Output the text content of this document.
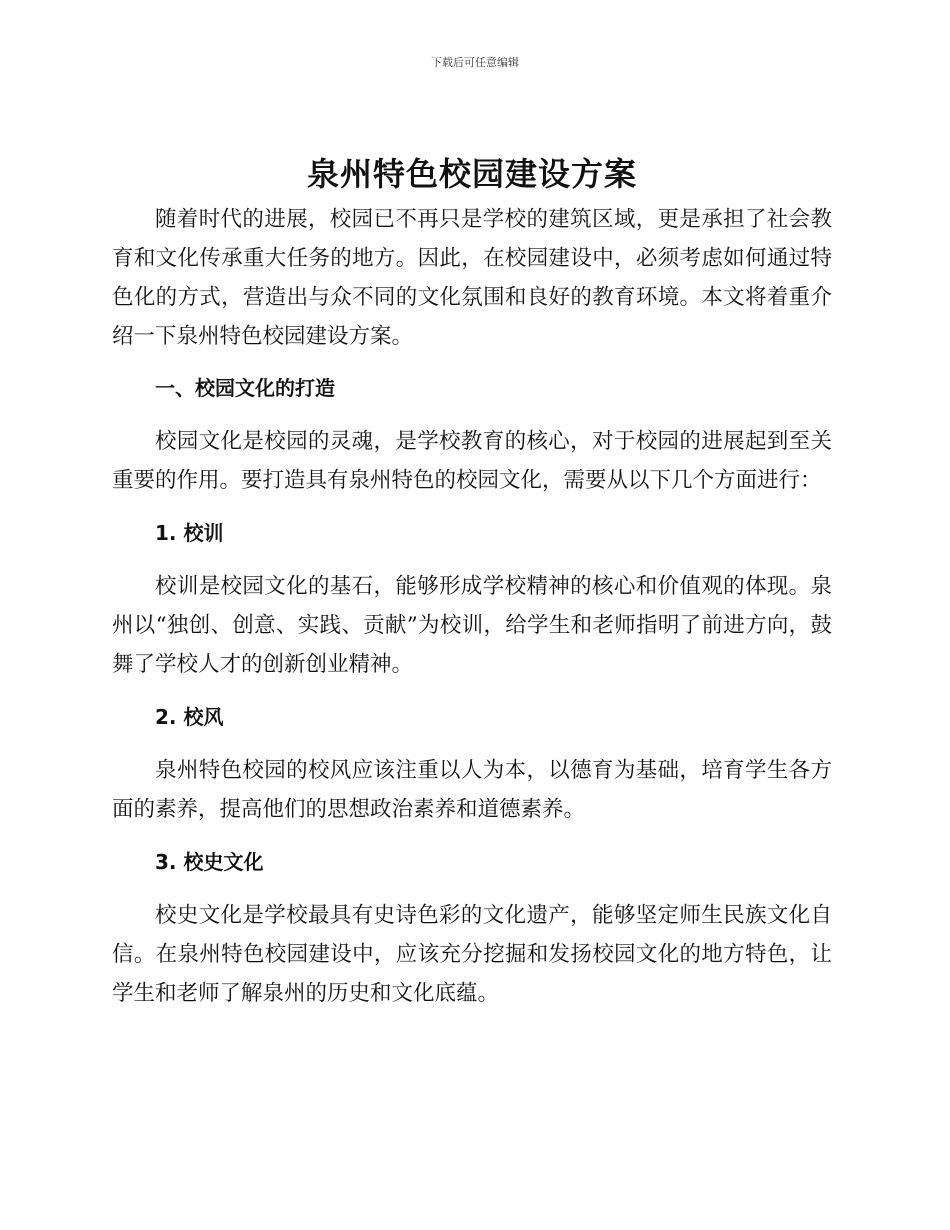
下载后可任意编辑
泉州特色校园建设方案

随着时代的进展，校园已不再只是学校的建筑区域，更是承担了社会教育和文化传承重大任务的地方。因此，在校园建设中，必须考虑如何通过特色化的方式，营造出与众不同的文化氛围和良好的教育环境。本文将着重介绍一下泉州特色校园建设方案。

一、校园文化的打造

校园文化是校园的灵魂，是学校教育的核心，对于校园的进展起到至关重要的作用。要打造具有泉州特色的校园文化，需要从以下几个方面进行：

1. 校训

校训是校园文化的基石，能够形成学校精神的核心和价值观的体现。泉州以“独创、创意、实践、贡献”为校训，给学生和老师指明了前进方向，鼓舞了学校人才的创新创业精神。

2. 校风

泉州特色校园的校风应该注重以人为本，以德育为基础，培育学生各方面的素养，提高他们的思想政治素养和道德素养。

3. 校史文化

校史文化是学校最具有史诗色彩的文化遗产，能够坚定师生民族文化自信。在泉州特色校园建设中，应该充分挖掘和发扬校园文化的地方特色，让学生和老师了解泉州的历史和文化底蕴。
